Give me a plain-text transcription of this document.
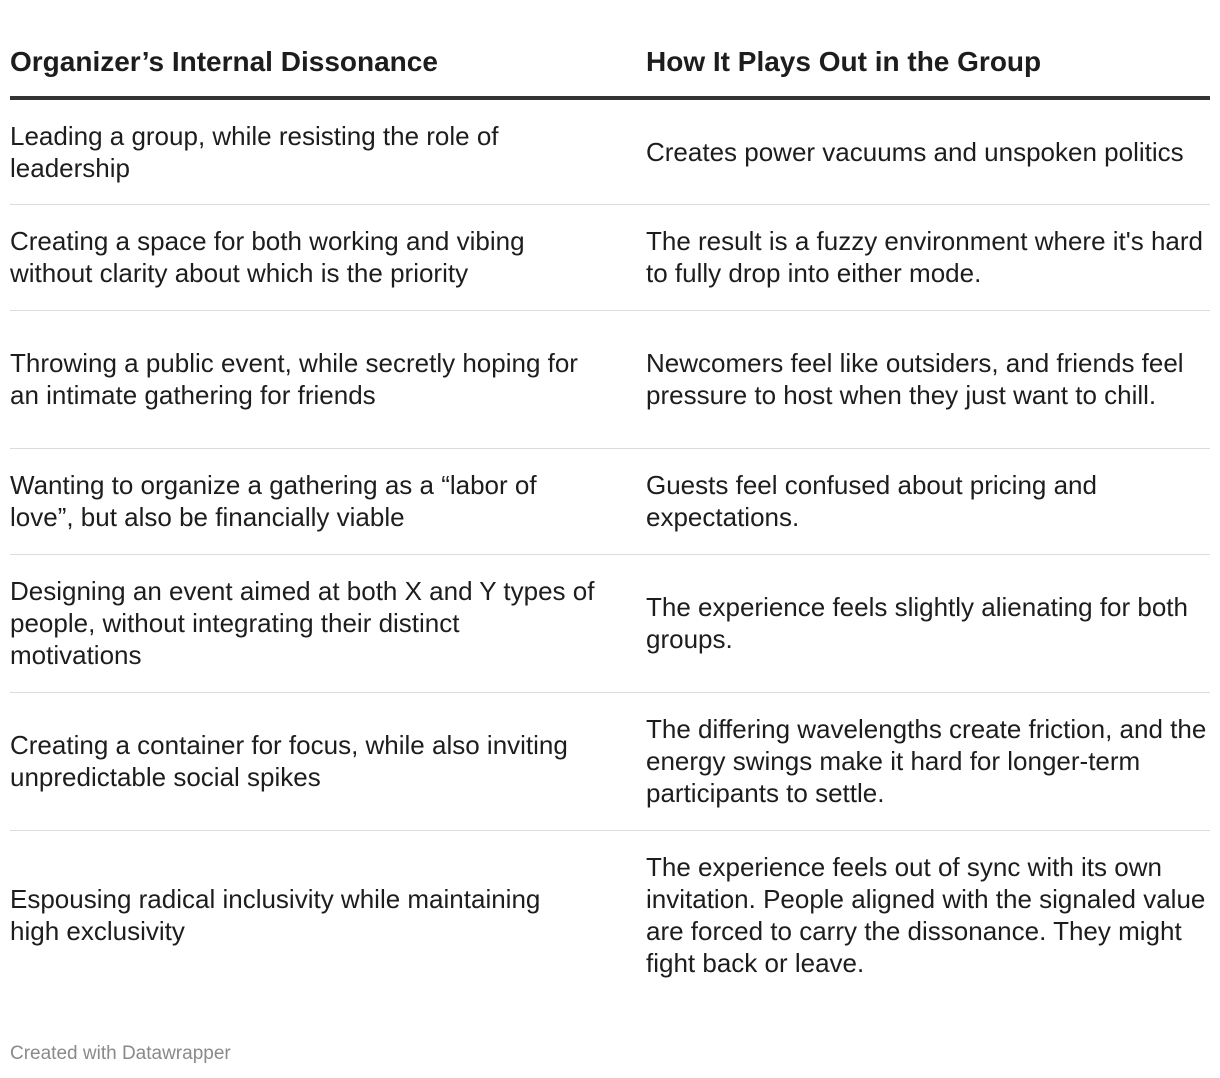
Organizer’s Internal Dissonance	How It Plays Out in the Group
Leading a group, while resisting the role of leadership	Creates power vacuums and unspoken politics
Creating a space for both working and vibing without clarity about which is the priority	The result is a fuzzy environment where it's hard to fully drop into either mode.
Throwing a public event, while secretly hoping for an intimate gathering for friends	Newcomers feel like outsiders, and friends feel pressure to host when they just want to chill.
Wanting to organize a gathering as a “labor of love”, but also be financially viable	Guests feel confused about pricing and expectations.
Designing an event aimed at both X and Y types of people, without integrating their distinct motivations	The experience feels slightly alienating for both groups.
Creating a container for focus, while also inviting unpredictable social spikes	The differing wavelengths create friction, and the energy swings make it hard for longer-term participants to settle.
Espousing radical inclusivity while maintaining high exclusivity	The experience feels out of sync with its own invitation. People aligned with the signaled value are forced to carry the dissonance. They might fight back or leave.
Created with Datawrapper
